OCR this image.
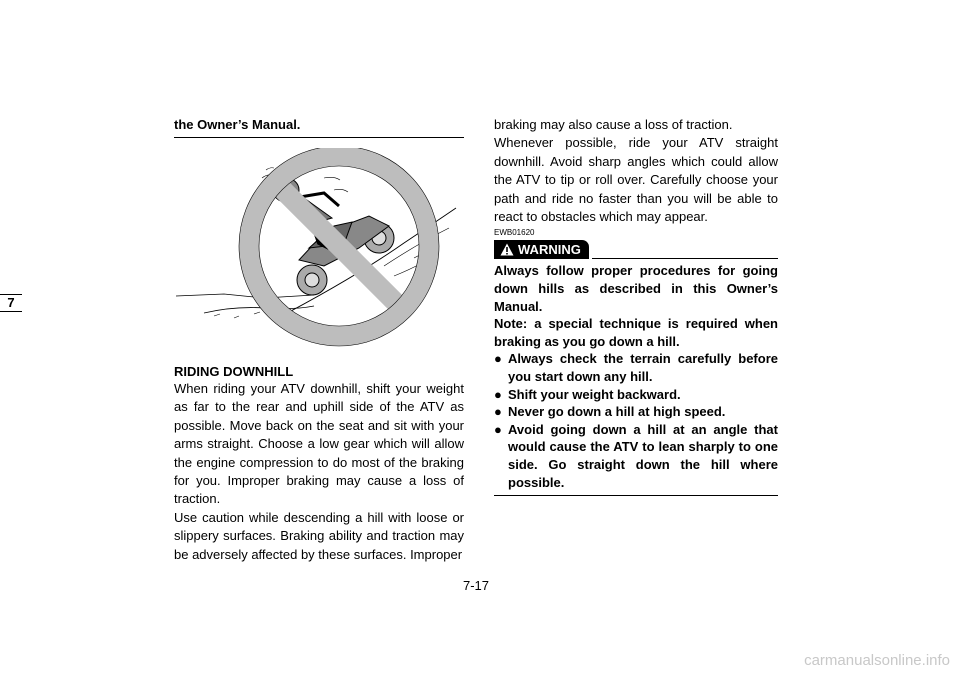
7

the Owner’s Manual.

RIDING DOWNHILL

When riding your ATV downhill, shift your weight as far to the rear and uphill side of the ATV as possible. Move back on the seat and sit with your arms straight. Choose a low gear which will allow the engine compression to do most of the braking for you. Improper braking may cause a loss of traction.

Use caution while descending a hill with loose or slippery surfaces. Braking ability and traction may be adversely affected by these surfaces. Improper

braking may also cause a loss of traction.

Whenever possible, ride your ATV straight downhill. Avoid sharp angles which could allow the ATV to tip or roll over. Carefully choose your path and ride no faster than you will be able to react to obstacles which may appear.

EWB01620
WARNING

Always follow proper procedures for going down hills as described in this Owner’s Manual.

Note: a special technique is required when braking as you go down a hill.

● Always check the terrain carefully before you start down any hill.
● Shift your weight backward.
● Never go down a hill at high speed.
● Avoid going down a hill at an angle that would cause the ATV to lean sharply to one side. Go straight down the hill where possible.
7-17
carmanualsonline.info
